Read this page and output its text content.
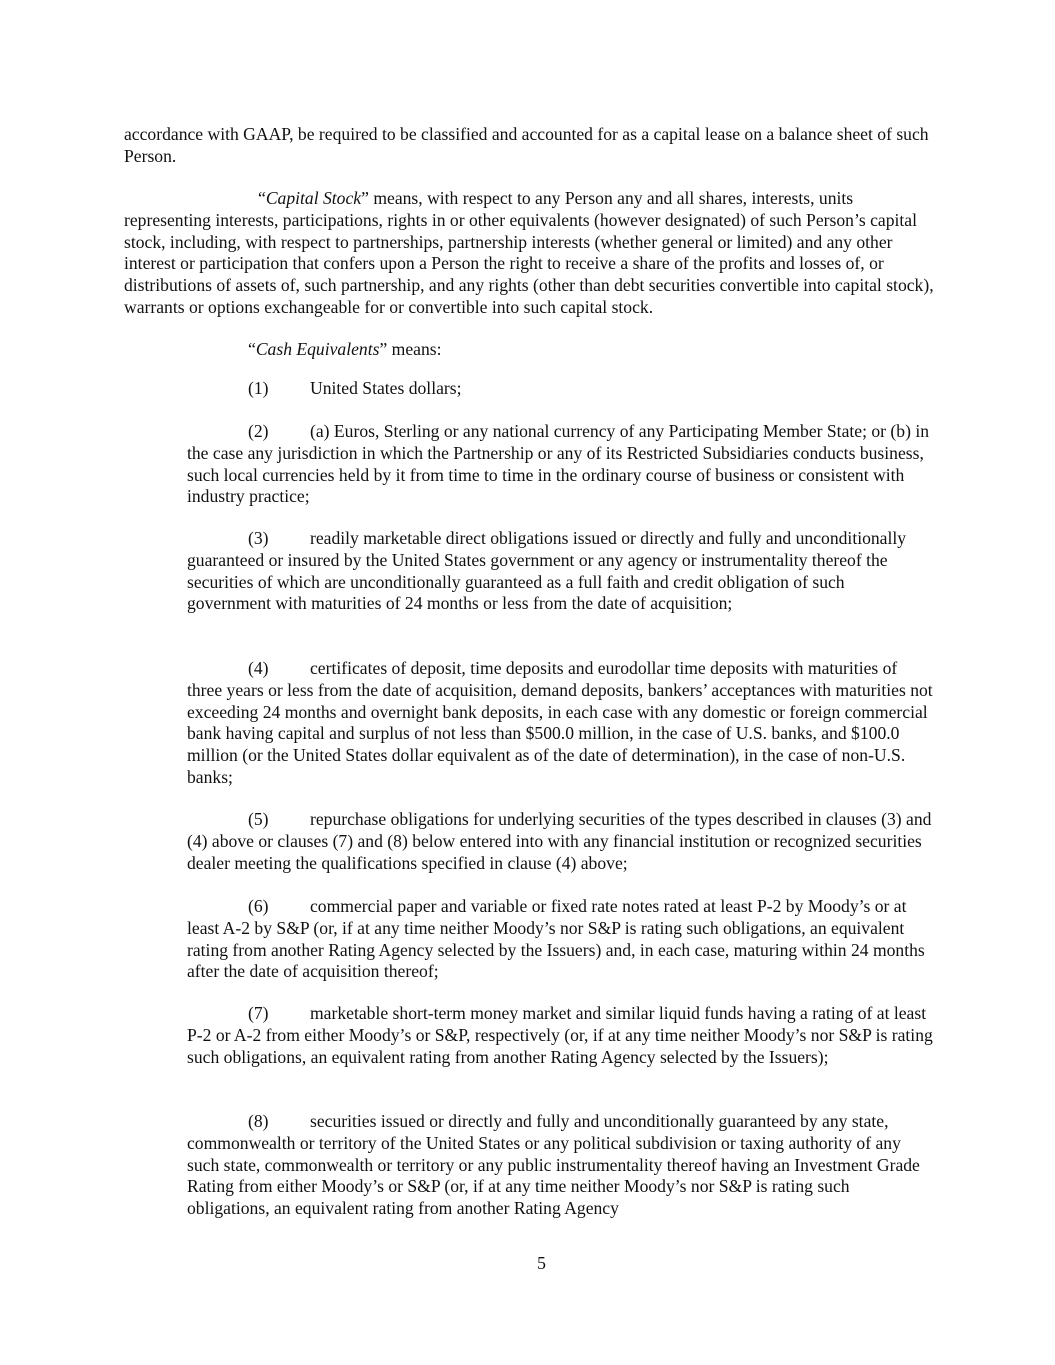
accordance with GAAP, be required to be classified and accounted for as a capital lease on a balance sheet of such Person.

“Capital Stock” means, with respect to any Person any and all shares, interests, units representing interests, participations, rights in or other equivalents (however designated) of such Person’s capital stock, including, with respect to partnerships, partnership interests (whether general or limited) and any other interest or participation that confers upon a Person the right to receive a share of the profits and losses of, or distributions of assets of, such partnership, and any rights (other than debt securities convertible into capital stock), warrants or options exchangeable for or convertible into such capital stock.

“Cash Equivalents” means:

(1) United States dollars;

(2) (a) Euros, Sterling or any national currency of any Participating Member State; or (b) in the case any jurisdiction in which the Partnership or any of its Restricted Subsidiaries conducts business, such local currencies held by it from time to time in the ordinary course of business or consistent with industry practice;

(3) readily marketable direct obligations issued or directly and fully and unconditionally guaranteed or insured by the United States government or any agency or instrumentality thereof the securities of which are unconditionally guaranteed as a full faith and credit obligation of such government with maturities of 24 months or less from the date of acquisition;

(4) certificates of deposit, time deposits and eurodollar time deposits with maturities of three years or less from the date of acquisition, demand deposits, bankers’ acceptances with maturities not exceeding 24 months and overnight bank deposits, in each case with any domestic or foreign commercial bank having capital and surplus of not less than $500.0 million, in the case of U.S. banks, and $100.0 million (or the United States dollar equivalent as of the date of determination), in the case of non-U.S. banks;

(5) repurchase obligations for underlying securities of the types described in clauses (3) and (4) above or clauses (7) and (8) below entered into with any financial institution or recognized securities dealer meeting the qualifications specified in clause (4) above;

(6) commercial paper and variable or fixed rate notes rated at least P-2 by Moody’s or at least A-2 by S&P (or, if at any time neither Moody’s nor S&P is rating such obligations, an equivalent rating from another Rating Agency selected by the Issuers) and, in each case, maturing within 24 months after the date of acquisition thereof;

(7) marketable short-term money market and similar liquid funds having a rating of at least P-2 or A-2 from either Moody’s or S&P, respectively (or, if at any time neither Moody’s nor S&P is rating such obligations, an equivalent rating from another Rating Agency selected by the Issuers);

(8) securities issued or directly and fully and unconditionally guaranteed by any state, commonwealth or territory of the United States or any political subdivision or taxing authority of any such state, commonwealth or territory or any public instrumentality thereof having an Investment Grade Rating from either Moody’s or S&P (or, if at any time neither Moody’s nor S&P is rating such obligations, an equivalent rating from another Rating Agency

5
